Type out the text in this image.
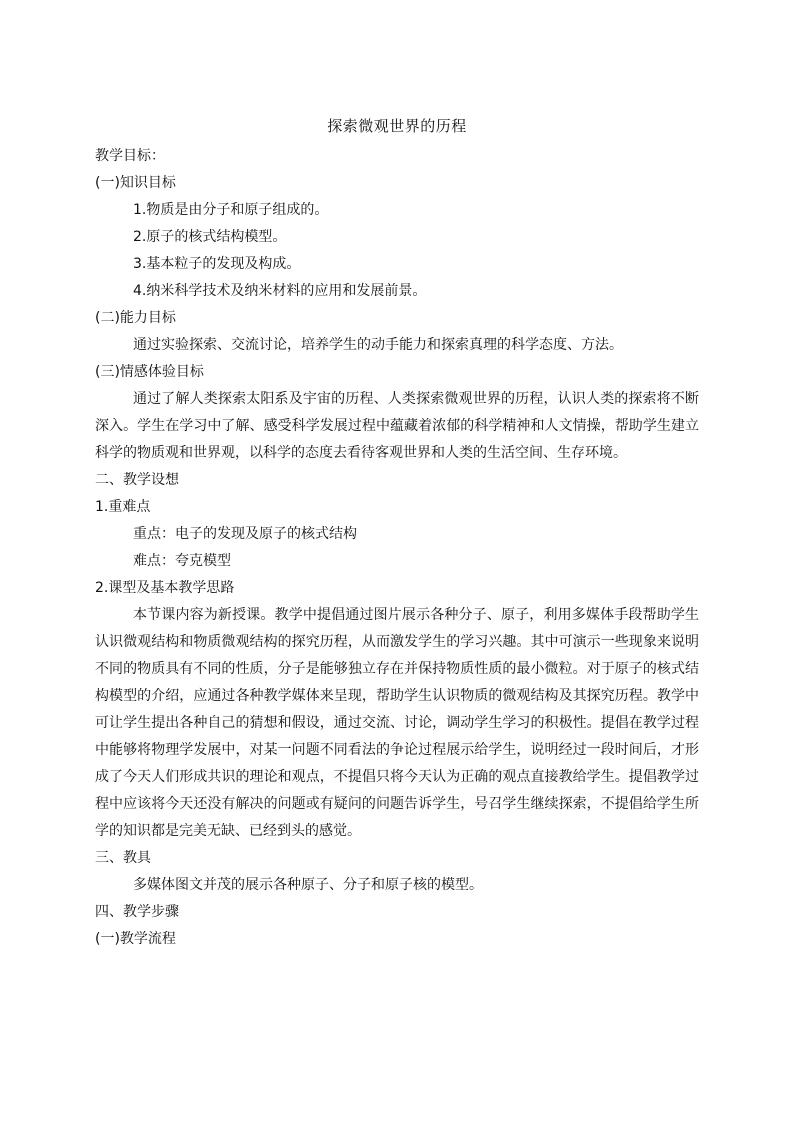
探索微观世界的历程
教学目标：
(一)知识目标
1.物质是由分子和原子组成的。
2.原子的核式结构模型。
3.基本粒子的发现及构成。
4.纳米科学技术及纳米材料的应用和发展前景。
(二)能力目标

通过实验探索、交流讨论，培养学生的动手能力和探索真理的科学态度、方法。

(三)情感体验目标

通过了解人类探索太阳系及宇宙的历程、人类探索微观世界的历程，认识人类的探索将不断深入。学生在学习中了解、感受科学发展过程中蕴藏着浓郁的科学精神和人文情操，帮助学生建立科学的物质观和世界观，以科学的态度去看待客观世界和人类的生活空间、生存环境。

二、教学设想
1.重难点
重点：电子的发现及原子的核式结构
难点：夸克模型
2.课型及基本教学思路

本节课内容为新授课。教学中提倡通过图片展示各种分子、原子，利用多媒体手段帮助学生认识微观结构和物质微观结构的探究历程，从而激发学生的学习兴趣。其中可演示一些现象来说明不同的物质具有不同的性质，分子是能够独立存在并保持物质性质的最小微粒。对于原子的核式结构模型的介绍，应通过各种教学媒体来呈现，帮助学生认识物质的微观结构及其探究历程。教学中可让学生提出各种自己的猜想和假设，通过交流、讨论，调动学生学习的积极性。提倡在教学过程中能够将物理学发展中，对某一问题不同看法的争论过程展示给学生，说明经过一段时间后，才形成了今天人们形成共识的理论和观点，不提倡只将今天认为正确的观点直接教给学生。提倡教学过程中应该将今天还没有解决的问题或有疑问的问题告诉学生，号召学生继续探索，不提倡给学生所学的知识都是完美无缺、已经到头的感觉。

三、教具
多媒体图文并茂的展示各种原子、分子和原子核的模型。
四、教学步骤
(一)教学流程
